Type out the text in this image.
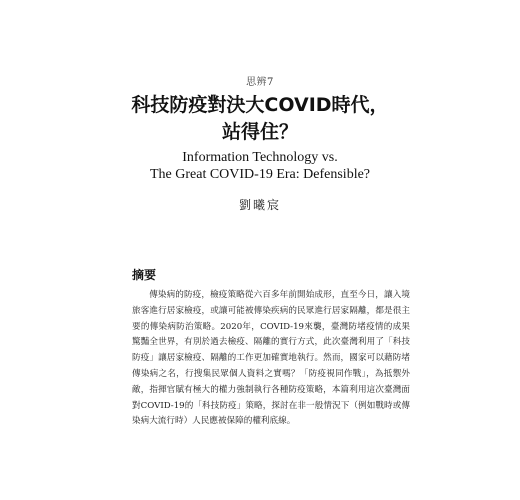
思辨7
科技防疫對決大COVID時代，
站得住？
Information Technology vs.
The Great COVID-19 Era: Defensible?
劉曦宸
摘要

傳染病的防疫，檢疫策略從六百多年前開始成形，直至今日，讓入境旅客進行居家檢疫，或讓可能被傳染疾病的民眾進行居家隔離，都是很主要的傳染病防治策略。2020年，COVID-19來襲，臺灣防堵疫情的成果驚豔全世界，有別於過去檢疫、隔離的實行方式，此次臺灣利用了「科技防疫」讓居家檢疫、隔離的工作更加確實地執行。然而，國家可以藉防堵傳染病之名，行搜集民眾個人資料之實嗎？「防疫視同作戰」，為抵禦外敵，指揮官賦有極大的權力強制執行各種防疫策略，本篇利用這次臺灣面對COVID-19的「科技防疫」策略，探討在非一般情況下（例如戰時或傳染病大流行時）人民應被保障的權利底線。
